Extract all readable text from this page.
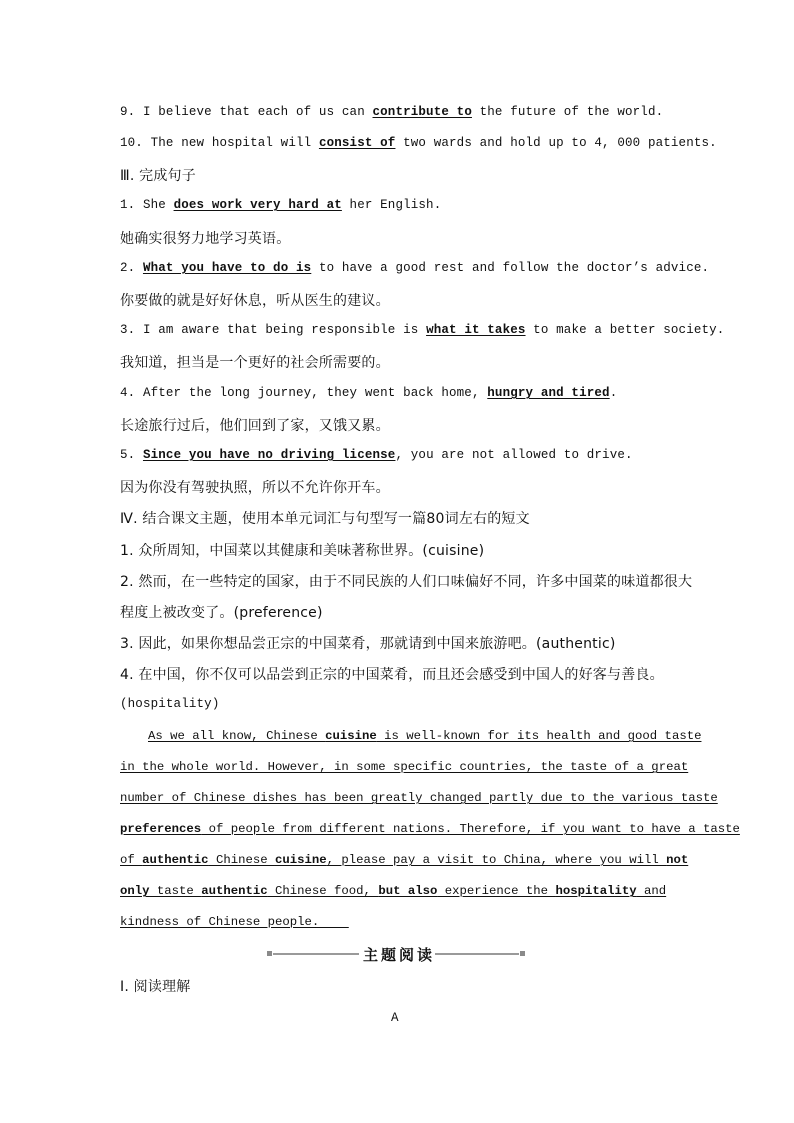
9. I believe that each of us can contribute to the future of the world.
10. The new hospital will consist of two wards and hold up to 4, 000 patients.
Ⅲ. 完成句子
1. She does work very hard at her English.
她确实很努力地学习英语。
2. What you have to do is to have a good rest and follow the doctor’s advice.
你要做的就是好好休息，听从医生的建议。
3. I am aware that being responsible is what it takes to make a better society.
我知道，担当是一个更好的社会所需要的。
4. After the long journey, they went back home, hungry and tired.
长途旅行过后，他们回到了家，又饿又累。
5. Since you have no driving license, you are not allowed to drive.
因为你没有驾驶执照，所以不允许你开车。
Ⅳ. 结合课文主题，使用本单元词汇与句型写一篇80词左右的短文
1. 众所周知，中国菜以其健康和美味著称世界。(cuisine)
2. 然而，在一些特定的国家，由于不同民族的人们口味偏好不同，许多中国菜的味道都很大
程度上被改变了。(preference)
3. 因此，如果你想品尝正宗的中国菜肴，那就请到中国来旅游吧。(authentic)
4. 在中国，你不仅可以品尝到正宗的中国菜肴，而且还会感受到中国人的好客与善良。
(hospitality)
As we all know, Chinese cuisine is well-known for its health and good taste
in the whole world. However, in some specific countries, the taste of a great
number of Chinese dishes has been greatly changed partly due to the various taste
preferences of people from different nations. Therefore, if you want to have a taste
of authentic Chinese cuisine, please pay a visit to China, where you will not
only taste authentic Chinese food, but also experience the hospitality and
kindness of Chinese people.
主题阅读
Ⅰ. 阅读理解
A
